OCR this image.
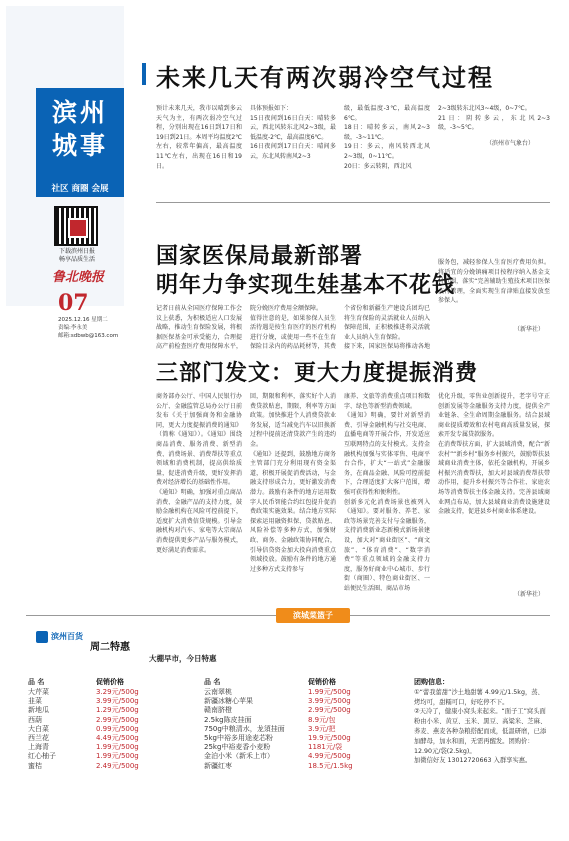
滨州
城事
社区 商圈 会展
下载滨州日报
畅享品质生活
鲁北晚报
07
2025.12.16 星期二
责编:李永美
邮箱:sdbwb@163.com
未来几天有两次弱冷空气过程
预计未来几天，我市以晴到多云天气为主，有两次弱冷空气过程，分别出现在16日到17日和19日到21日。本周平均温度2℃左右，较常年偏高，最高温度11℃左右，出现在16日和19日。
具体预报如下：
15日夜间到16日白天：晴转多云，西北风转东北风2~3级，最低温度-2℃，最高温度6℃。
16日夜间到17日白天：晴间多云，东北风转南风2~3
级，最低温度-3℃，最高温度6℃。
18日：晴转多云，南风2~3级，-3~11℃。
19日：多云，南风转西北风2~3级，0~11℃。
20日：多云转阴，西北风
2~3级转东北风3~4级，0~7℃。
21日：阴转多云，东北风2~3级，-3~5℃。
（滨州市气象台）
国家医保局最新部署
明年力争实现生娃基本不花钱
记者日前从全国医疗保障工作会议上获悉，为积极适应人口发展战略，推动生育保险发展，将根据医保基金可承受能力，合理提高产前检查医疗费用保障水平，

院分娩医疗费用全额保障。
值得注意的是，如果参保人员生活待遇是按生育医疗的医疗机构进行分娩，或使用一些不在生育保险目录内的药品耗材等，其费

个省份和新疆生产建设兵团均已将生育保险的灵活就业人员纳入保障范围，正积极推进将灵活就业人员纳入生育保险。
接下来，国家医保局将推动各地
服务包，减轻参保人生育医疗费用负担。将适宜的分娩镇痛项目按程序纳入基金支付范围，落实“完善辅助生殖技术项目医保支付管理，全面实现生育津贴直接发放至参保人。
（新华社）
三部门发文：更大力度提振消费
商务部办公厅、中国人民银行办公厅、金融监管总局办公厅日前发布《关于加强商务和金融协同，更大力度提振消费的通知》（简称《通知》）。《通知》围绕商品消费、服务消费、新型消费、消费场景、消费帮扶等重点领域和消费机制，提高供给质量，促进消费升级，更好发挥消费对经济增长的基础性作用。
《通知》明确，加强对重点商品消费、金融产品的支持力度，鼓励金融机构在风险可控前提下，适度扩大消费信贷规模。引导金融机构对汽车、家电等大宗商品消费提供更多产品与服务模式，更好满足消费需求。
回，期限和利率，落实好个人消费贷款贴息，期限，利率等方面政策。加快推进个人消费贷款业务发展，适当减免汽车以旧换新过程中提前还清贷款产生的违约金。
《通知》还提到，鼓励地方商务主管部门充分利用现有资金渠道，积极开展促消费活动，与金融支持形成合力，更好激发消费潜力。鼓励有条件的地方运用数字人民币智能合约红包提升促消费政策实施效果。结合地方实际探索运用融资担保、贷款贴息、风险补偿等多种方式，加强财政、商务、金融政策协同配合，引导信贷资金加大投向消费重点领域投放。鼓励有条件的地方通过多种方式支持参与
康养、文旅等消费重点项目和数字、绿色等新型消费领域。
《通知》明确，要针对新型消费、引导金融机构与社交电商、直播电商等开展合作，开发适应互联网特点的支付模式。支持金融机构加强与实体零售、电商平台合作，扩大“一站式”金融服务，在商品金融、风险可控前提下，合理适度扩大客户范围，增强可获得性和便利性。
创新多元化消费场景也被列入《通知》。要对服务、养老、家政等场景完善支付与金融服务，支持消费新业态新模式新场景建设，加大对“商业街区”、“商文旅”、“体育消费”、“数字消费”等重点领域的金融支持力度，服务好商业中心城市、步行街（商圈）、特色商业街区、一站便民生活圈、商品市场
优化升级，零售业创新提升，老字号守正创新发展等金融服务支持力度，提供全产业链条、全生命周期金融服务。结合县域商业提质增效和农村电商高质量发展，探索开发专属贷款服务。
在消费帮扶方面，扩大县域消费，配合“新农村”“新乡村”服务乡村振兴，鼓励帮扶县域商业消费主体，依托金融机构，开展乡村振兴消费帮扶，加大对县域消费帮扶带动作用，提升乡村振兴等合作社、家庭农场等消费帮扶主体金融支持。完善县域商业网点布局，加大县域商业消费设施建设金融支持，促进县乡村商业体系建设。
（新华社）
滨城菜篮子
滨州百货
周二特惠
大棚早市，今日特惠
品 名	促销价格
大芹菜	3.29元/500g
韭菜	3.99元/500g
新地瓜	1.29元/500g
西葫	2.99元/500g
大白菜	0.99元/500g
西兰花	4.49元/500g
上海青	1.99元/500g
红心柚子	1.99元/500g
蜜桔	2.49元/500g
品 名	促销价格
云南翠桃	1.99元/500g
新疆冰糖心苹果	3.99元/500g
赣南脐橙	2.99元/500g
2.5kg陈皮挂面	8.9元/包
750g中粮清水，龙須挂面	3.9元/把
5kg中裕多用途麦芯粉	19.9元/500g
25kg中裕麦香小麦粉	1181元/袋
金泊小米（新禾上市）	4.99元/500g
新疆红枣	18.5元/1.5kg
团购信息：
①“蕾我蕾甜”沙土地甜薯 4.99元/1.5kg，蒸、烤均可，甜糯可口，好吃停不下。
②天冷了，健康小窝头来起来。“面子工”窝头面粉由小米、黄豆、玉米、黑豆、高粱米、芝麻、荞麦、燕麦各种杂粮搭配而成，低温研磨，已添加酵母，加水和面，无需再醒发。团购价：12.90元/袋(2.5kg)。
加微信好友 13012720663 入群享实惠。
